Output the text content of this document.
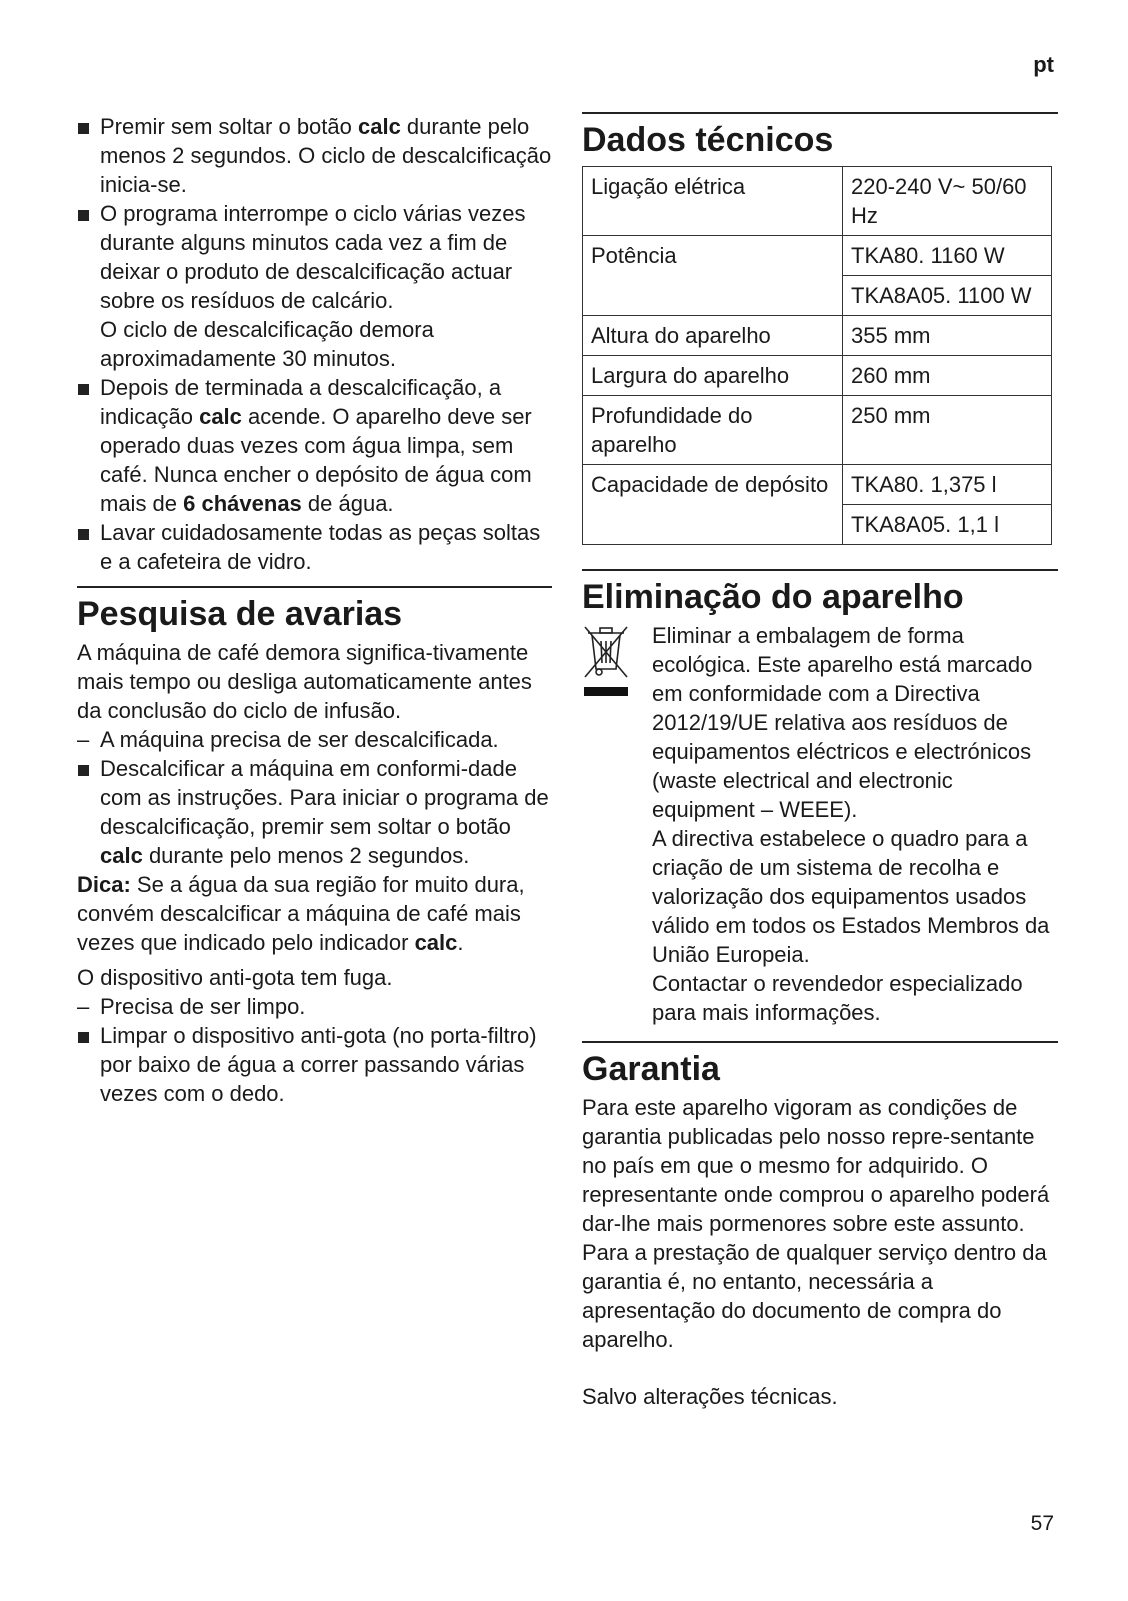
pt
Premir sem soltar o botão calc durante pelo menos 2 segundos. O ciclo de descalcificação inicia-se.
O programa interrompe o ciclo várias vezes durante alguns minutos cada vez a fim de deixar o produto de descalcificação actuar sobre os resíduos de calcário.
O ciclo de descalcificação demora aproximadamente 30 minutos.
Depois de terminada a descalcificação, a indicação calc acende. O aparelho deve ser operado duas vezes com água limpa, sem café. Nunca encher o depósito de água com mais de 6 chávenas de água.
Lavar cuidadosamente todas as peças soltas e a cafeteira de vidro.
Pesquisa de avarias

A máquina de café demora significa-tivamente mais tempo ou desliga automaticamente antes da conclusão do ciclo de infusão.

– A máquina precisa de ser descalcificada.
Descalcificar a máquina em conformi-dade com as instruções. Para iniciar o programa de descalcificação, premir sem soltar o botão calc durante pelo menos 2 segundos.

Dica: Se a água da sua região for muito dura, convém descalcificar a máquina de café mais vezes que indicado pelo indicador calc.

O dispositivo anti-gota tem fuga.

– Precisa de ser limpo.
Limpar o dispositivo anti-gota (no porta-filtro) por baixo de água a correr passando várias vezes com o dedo.
Dados técnicos
Ligação elétrica	220-240 V~ 50/60 Hz
Potência	TKA80. 1160 W
	TKA8A05. 1100 W
Altura do aparelho	355 mm
Largura do aparelho	260 mm
Profundidade do aparelho	250 mm
Capacidade de depósito	TKA80. 1,375 l
	TKA8A05. 1,1 l
Eliminação do aparelho

Eliminar a embalagem de forma ecológica. Este aparelho está marcado em conformidade com a Directiva 2012/19/UE relativa aos resíduos de equipamentos eléctricos e electrónicos (waste electrical and electronic equipment – WEEE).

A directiva estabelece o quadro para a criação de um sistema de recolha e valorização dos equipamentos usados válido em todos os Estados Membros da União Europeia.

Contactar o revendedor especializado para mais informações.

Garantia

Para este aparelho vigoram as condições de garantia publicadas pelo nosso repre-sentante no país em que o mesmo for adquirido. O representante onde comprou o aparelho poderá dar-lhe mais pormenores sobre este assunto. Para a prestação de qualquer serviço dentro da garantia é, no entanto, necessária a apresentação do documento de compra do aparelho.

Salvo alterações técnicas.

57
